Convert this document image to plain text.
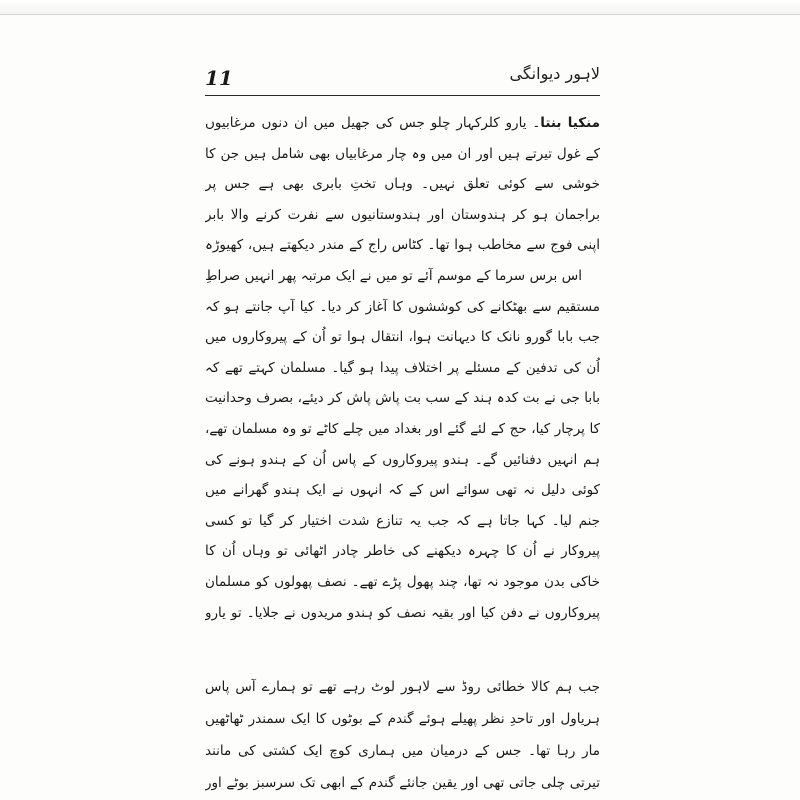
11	لاہور دیوانگی

منکیا بنتا۔ یارو کلرکہار چلو جس کی جھیل میں ان دنوں مرغابیوں کے غول تیرتے ہیں اور ان میں وہ چار مرغابیاں بھی شامل ہیں جن کا خوشی سے کوئی تعلق نہیں۔ وہاں تختِ بابری بھی ہے جس پر براجمان ہو کر ہندوستان اور ہندوستانیوں سے نفرت کرنے والا بابر اپنی فوج سے مخاطب ہوا تھا۔ کٹاس راج کے مندر دیکھتے ہیں، کھیوڑہ

اس برس سرما کے موسم آئے تو میں نے ایک مرتبہ پھر انہیں صراطِ مستقیم سے بھٹکانے کی کوششوں کا آغاز کر دیا۔ کیا آپ جانتے ہو کہ جب بابا گورو نانک کا دیہانت ہوا، انتقال ہوا تو اُن کے پیروکاروں میں اُن کی تدفین کے مسئلے پر اختلاف پیدا ہو گیا۔ مسلمان کہتے تھے کہ بابا جی نے بت کدہ ہند کے سب بت پاش پاش کر دیئے، بصرف وحدانیت کا پرچار کیا، حج کے لئے گئے اور بغداد میں چلے کاٹے تو وہ مسلمان تھے، ہم انہیں دفنائیں گے۔ ہندو پیروکاروں کے پاس اُن کے ہندو ہونے کی کوئی دلیل نہ تھی سوائے اس کے کہ انہوں نے ایک ہندو گھرانے میں جنم لیا۔ کہا جاتا ہے کہ جب یہ تنازع شدت اختیار کر گیا تو کسی پیروکار نے اُن کا چہرہ دیکھنے کی خاطر چادر اٹھائی تو وہاں اُن کا خاکی بدن موجود نہ تھا، چند پھول پڑے تھے۔ نصف پھولوں کو مسلمان پیروکاروں نے دفن کیا اور بقیہ نصف کو ہندو مریدوں نے جلایا۔ تو یارو

جب ہم کالا خطائی روڈ سے لاہور لوٹ رہے تھے تو ہمارے آس پاس ہریاول اور تاحدِ نظر پھیلے ہوئے گندم کے بوٹوں کا ایک سمندر ٹھاٹھیں مار رہا تھا۔ جس کے درمیان میں ہماری کوچ ایک کشتی کی مانند تیرتی چلی جاتی تھی اور یقین جانئے گندم کے ابھی تک سرسبز بوٹے اور
